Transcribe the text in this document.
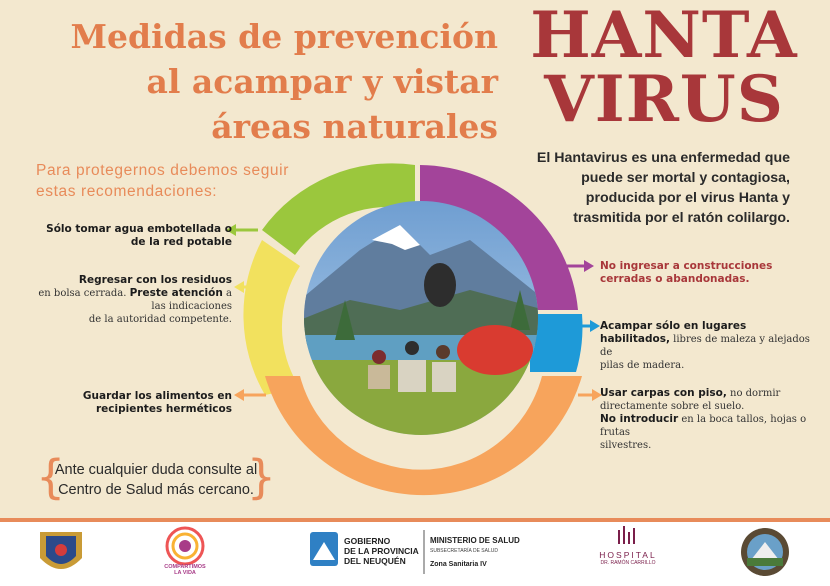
Medidas de prevención
al acampar y vistar
áreas naturales
HANTA
VIRUS
Para protegernos debemos seguir
estas recomendaciones:
El Hantavirus es una enfermedad que
puede ser mortal y contagiosa,
producida por el virus Hanta y
trasmitida por el ratón colilargo.
Sólo tomar agua embotellada o
de la red potable
Regresar con los residuos
en bolsa cerrada. Preste atención a
las indicaciones
de la autoridad competente.
Guardar los alimentos en
recipientes herméticos
No ingresar a construcciones
cerradas o abandonadas.
Acampar sólo en lugares
habilitados, libres de maleza y alejados de
pilas de madera.
Usar carpas con piso, no dormir
directamente sobre el suelo.
No introducir en la boca tallos, hojas o frutas
silvestres.
{
Ante cualquier duda consulte al
Centro de Salud más cercano.
}
GOBIERNO
DE LA PROVINCIA
DEL NEUQUÉN
MINISTERIO DE SALUD
SUBSECRETARÍA DE SALUD
Zona Sanitaria IV
COMPARTIMOS
LA VIDA
HOSPITAL
DR. RAMÓN CARRILLO
